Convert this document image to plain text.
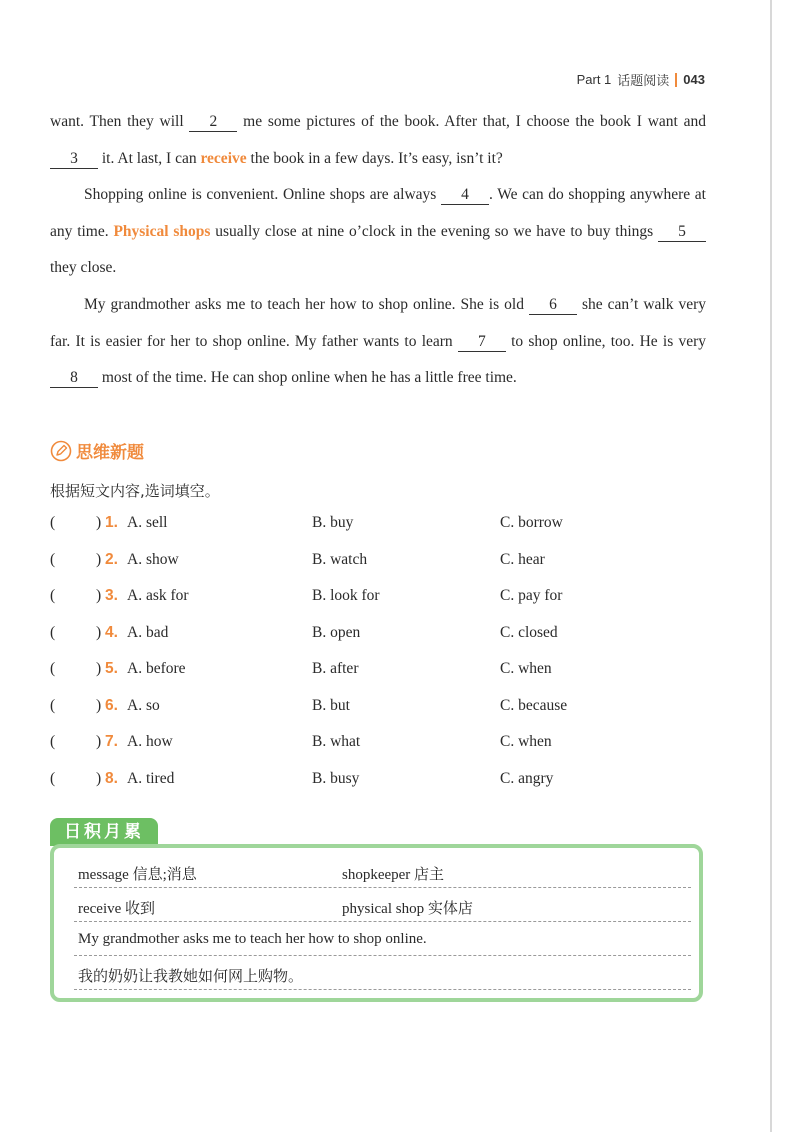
Part 1 话题阅读 043

want. Then they will 2 me some pictures of the book. After that, I choose the book I want and 3 it. At last, I can receive the book in a few days. It’s easy, isn’t it?

Shopping online is convenient. Online shops are always 4 . We can do shopping anywhere at any time. Physical shops usually close at nine o’clock in the evening so we have to buy things 5 they close.

My grandmother asks me to teach her how to shop online. She is old 6 she can’t walk very far. It is easier for her to shop online. My father wants to learn 7 to shop online, too. He is very 8 most of the time. He can shop online when he has a little free time.

思维新题
根据短文内容,选词填空。
(	) 1. A. sell	B. buy	C. borrow
(	) 2. A. show	B. watch	C. hear
(	) 3. A. ask for	B. look for	C. pay for
(	) 4. A. bad	B. open	C. closed
(	) 5. A. before	B. after	C. when
(	) 6. A. so	B. but	C. because
(	) 7. A. how	B. what	C. when
(	) 8. A. tired	B. busy	C. angry
日积月累
message 信息;消息	shopkeeper 店主
receive 收到	physical shop 实体店
My grandmother asks me to teach her how to shop online.
我的奶奶让我教她如何网上购物。
